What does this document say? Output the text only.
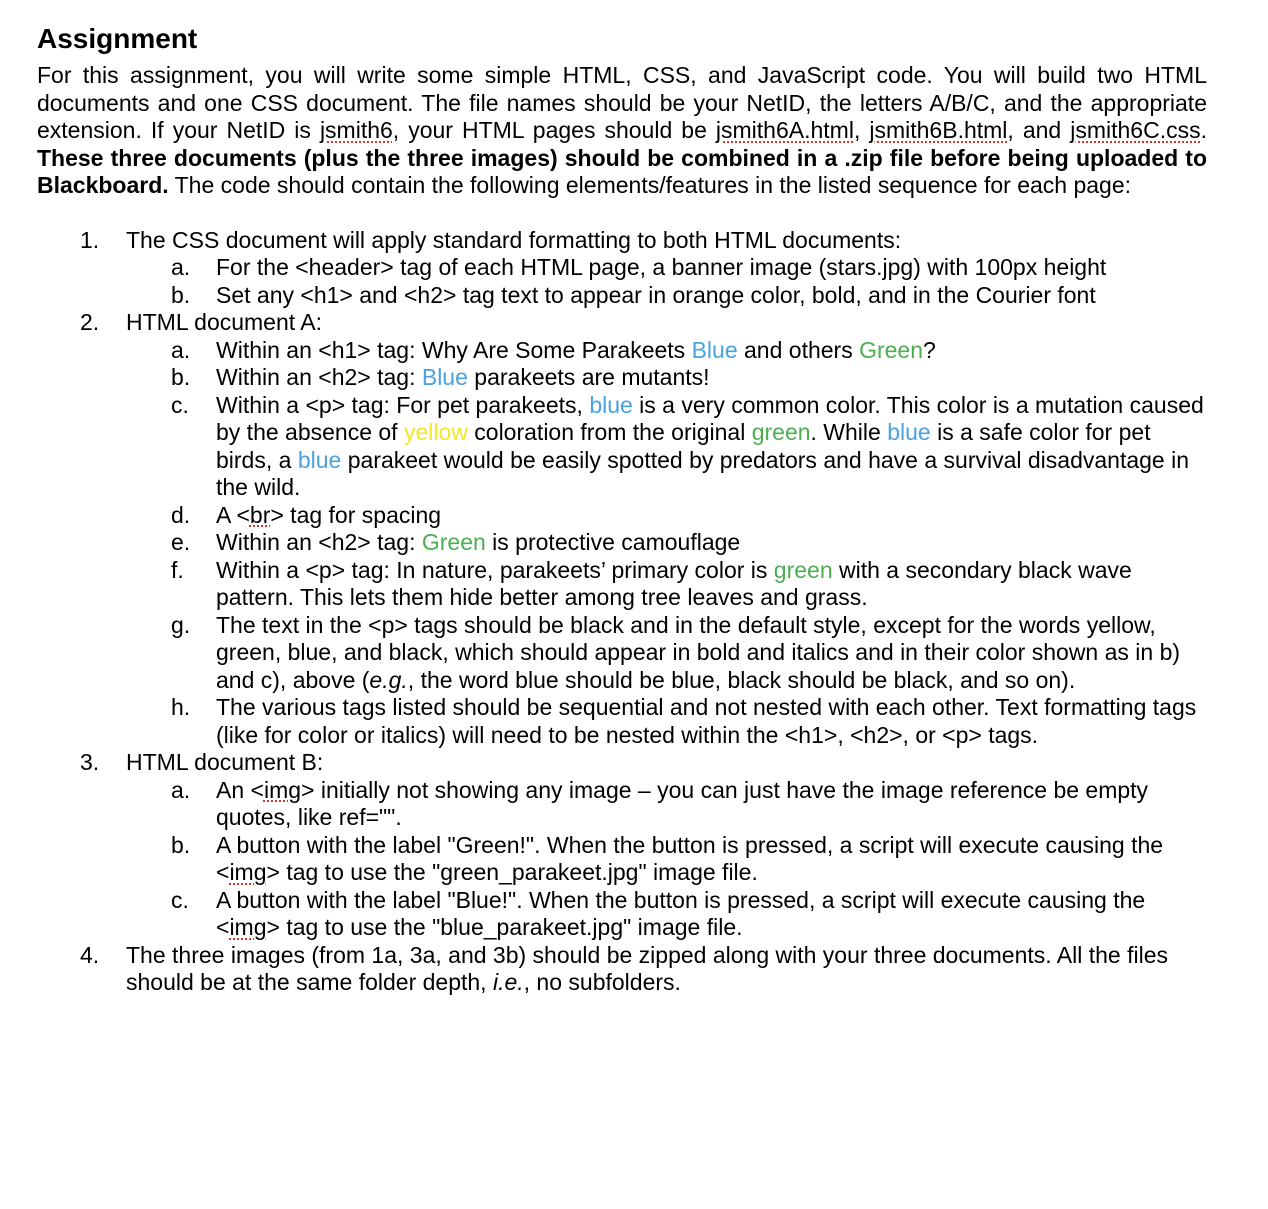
Assignment

For this assignment, you will write some simple HTML, CSS, and JavaScript code. You will build two HTML documents and one CSS document. The file names should be your NetID, the letters A/B/C, and the appropriate extension. If your NetID is jsmith6, your HTML pages should be jsmith6A.html, jsmith6B.html, and jsmith6C.css. These three documents (plus the three images) should be combined in a .zip file before being uploaded to Blackboard. The code should contain the following elements/features in the listed sequence for each page:

1. The CSS document will apply standard formatting to both HTML documents:
a. For the <header> tag of each HTML page, a banner image (stars.jpg) with 100px height
b. Set any <h1> and <h2> tag text to appear in orange color, bold, and in the Courier font
2. HTML document A:
a. Within an <h1> tag: Why Are Some Parakeets Blue and others Green?
b. Within an <h2> tag: Blue parakeets are mutants!
c. Within a <p> tag: For pet parakeets, blue is a very common color. This color is a mutation caused by the absence of yellow coloration from the original green. While blue is a safe color for pet birds, a blue parakeet would be easily spotted by predators and have a survival disadvantage in the wild.
d. A <br> tag for spacing
e. Within an <h2> tag: Green is protective camouflage
f. Within a <p> tag: In nature, parakeets’ primary color is green with a secondary black wave pattern. This lets them hide better among tree leaves and grass.
g. The text in the <p> tags should be black and in the default style, except for the words yellow, green, blue, and black, which should appear in bold and italics and in their color shown as in b) and c), above (e.g., the word blue should be blue, black should be black, and so on).
h. The various tags listed should be sequential and not nested with each other. Text formatting tags (like for color or italics) will need to be nested within the <h1>, <h2>, or <p> tags.
3. HTML document B:
a. An <img> initially not showing any image – you can just have the image reference be empty quotes, like ref="".
b. A button with the label "Green!". When the button is pressed, a script will execute causing the <img> tag to use the "green_parakeet.jpg" image file.
c. A button with the label "Blue!". When the button is pressed, a script will execute causing the <img> tag to use the "blue_parakeet.jpg" image file.
4. The three images (from 1a, 3a, and 3b) should be zipped along with your three documents. All the files should be at the same folder depth, i.e., no subfolders.
